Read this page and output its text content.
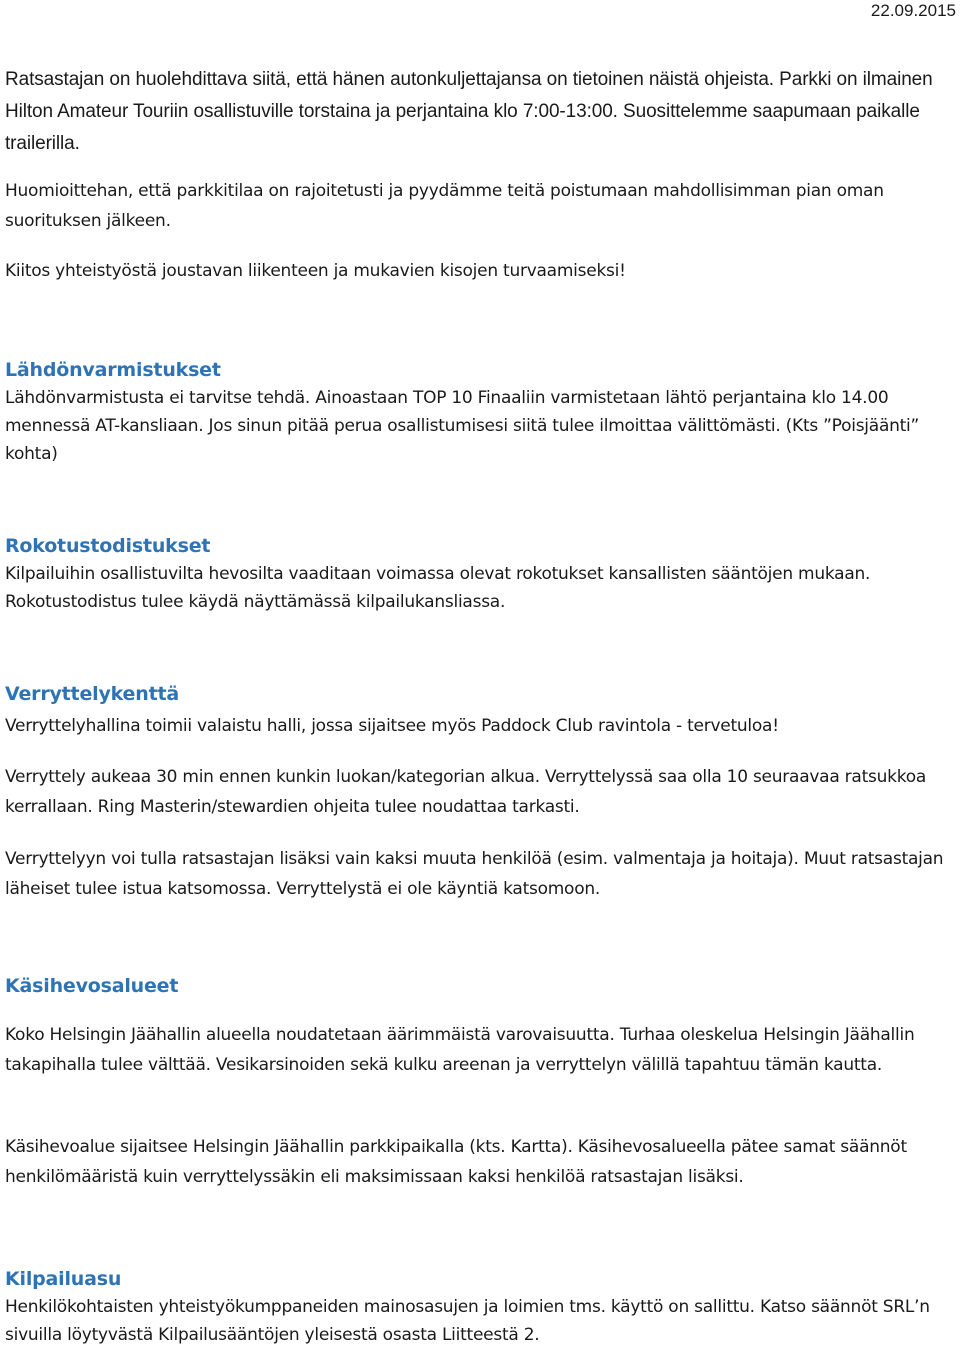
22.09.2015

Ratsastajan on huolehdittava siitä, että hänen autonkuljettajansa on tietoinen näistä ohjeista. Parkki on ilmainen Hilton Amateur Touriin osallistuville torstaina ja perjantaina klo 7:00-13:00. Suosittelemme saapumaan paikalle trailerilla.

Huomioittehan, että parkkitilaa on rajoitetusti ja pyydämme teitä poistumaan mahdollisimman pian oman suorituksen jälkeen.

Kiitos yhteistyöstä joustavan liikenteen ja mukavien kisojen turvaamiseksi!

Lähdönvarmistukset

Lähdönvarmistusta ei tarvitse tehdä. Ainoastaan TOP 10 Finaaliin varmistetaan lähtö perjantaina klo 14.00 mennessä AT-kansliaan. Jos sinun pitää perua osallistumisesi siitä tulee ilmoittaa välittömästi. (Kts ”Poisjäänti” kohta)

Rokotustodistukset

Kilpailuihin osallistuvilta hevosilta vaaditaan voimassa olevat rokotukset kansallisten sääntöjen mukaan. Rokotustodistus tulee käydä näyttämässä kilpailukansliassa.

Verryttelykenttä

Verryttelyhallina toimii valaistu halli, jossa sijaitsee myös Paddock Club ravintola - tervetuloa!

Verryttely aukeaa 30 min ennen kunkin luokan/kategorian alkua. Verryttelyssä saa olla 10 seuraavaa ratsukkoa kerrallaan. Ring Masterin/stewardien ohjeita tulee noudattaa tarkasti.

Verryttelyyn voi tulla ratsastajan lisäksi vain kaksi muuta henkilöä (esim. valmentaja ja hoitaja). Muut ratsastajan läheiset tulee istua katsomossa. Verryttelystä ei ole käyntiä katsomoon.

Käsihevosalueet

Koko Helsingin Jäähallin alueella noudatetaan äärimmäistä varovaisuutta. Turhaa oleskelua Helsingin Jäähallin takapihalla tulee välttää. Vesikarsinoiden sekä kulku areenan ja verryttelyn välillä tapahtuu tämän kautta.

Käsihevoalue sijaitsee Helsingin Jäähallin parkkipaikalla (kts. Kartta). Käsihevosalueella pätee samat säännöt henkilömääristä kuin verryttelyssäkin eli maksimissaan kaksi henkilöä ratsastajan lisäksi.

Kilpailuasu

Henkilökohtaisten yhteistyökumppaneiden mainosasujen ja loimien tms. käyttö on sallittu. Katso säännöt SRL’n sivuilla löytyvästä Kilpailusääntöjen yleisestä osasta Liitteestä 2.
